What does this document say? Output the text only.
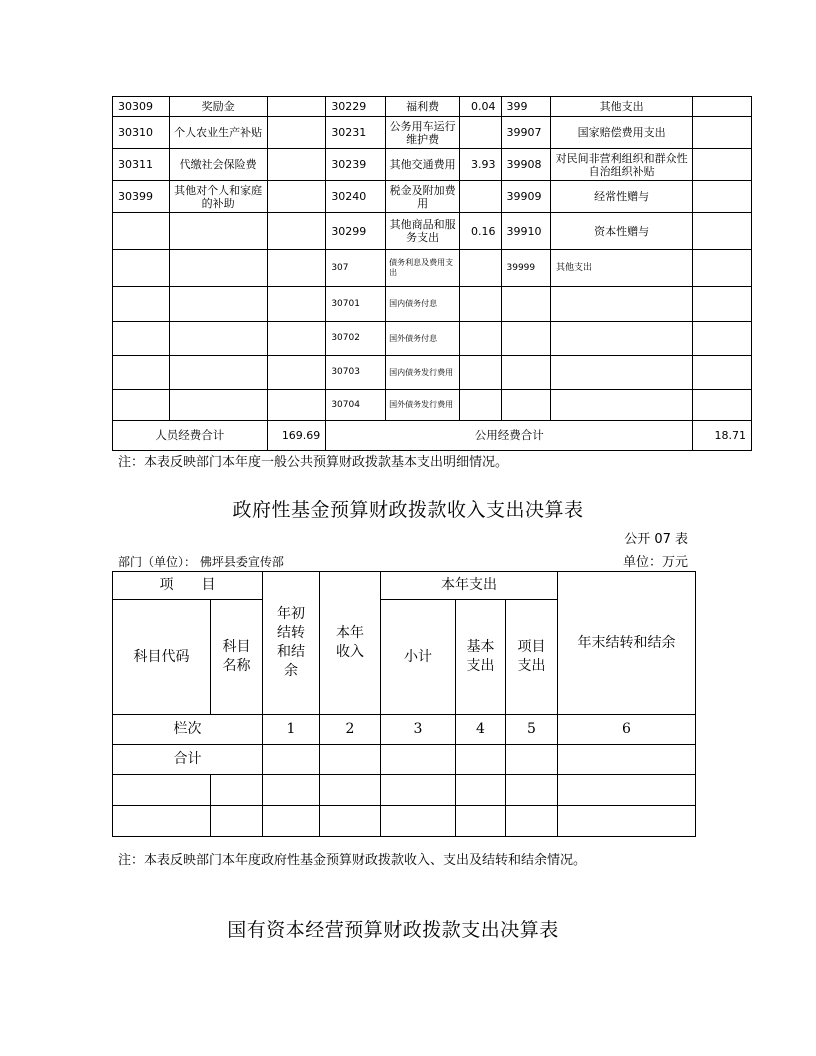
30309	奖励金		30229	福利费	0.04	399	其他支出	
30310	个人农业生产补贴		30231	公务用车运行维护费		39907	国家赔偿费用支出	
30311	代缴社会保险费		30239	其他交通费用	3.93	39908	对民间非营利组织和群众性自治组织补贴	
30399	其他对个人和家庭的补助		30240	税金及附加费用		39909	经常性赠与	
			30299	其他商品和服务支出	0.16	39910	资本性赠与	
			307	债务利息及费用支出		39999	其他支出	
			30701	国内债务付息				
			30702	国外债务付息				
			30703	国内债务发行费用				
			30704	国外债务发行费用				
人员经费合计		169.69	公用经费合计					18.71
注：本表反映部门本年度一般公共预算财政拨款基本支出明细情况。
政府性基金预算财政拨款收入支出决算表
公开 07 表
部门（单位）： 佛坪县委宣传部	单位：万元
项　　目		年初结转和结余	本年收入	本年支出			年末结转和结余
科目代码	科目名称			小计	基本支出	项目支出	
栏次		1	2	3	4	5	6
合计							

注：本表反映部门本年度政府性基金预算财政拨款收入、支出及结转和结余情况。
国有资本经营预算财政拨款支出决算表
